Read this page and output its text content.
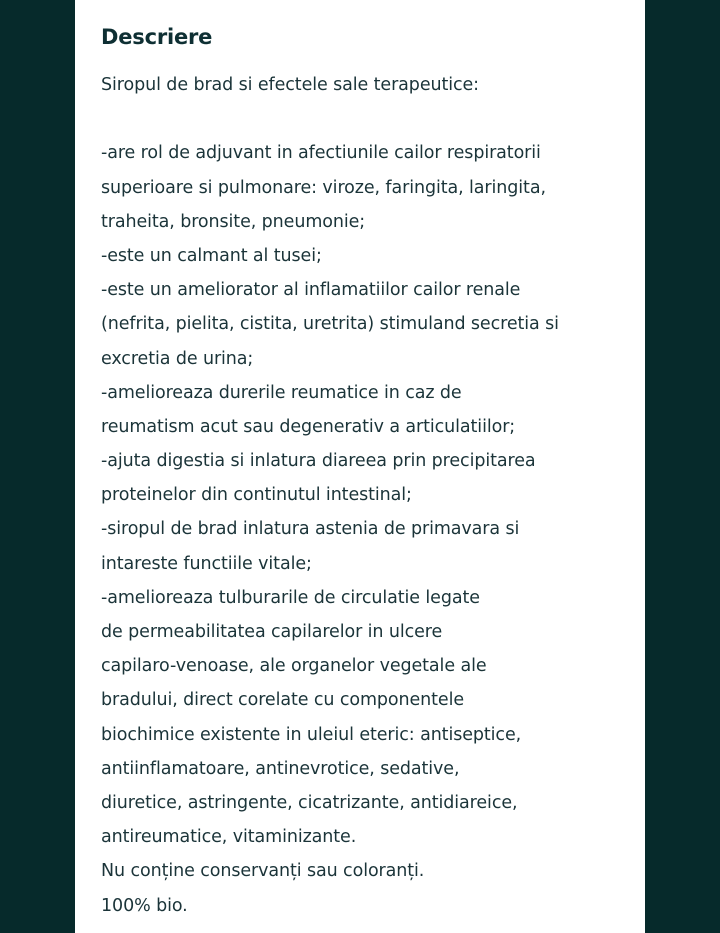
Descriere
Siropul de brad si efectele sale terapeutice:
-are rol de adjuvant in afectiunile cailor respiratorii
superioare si pulmonare: viroze, faringita, laringita,
traheita, bronsite, pneumonie;
-este un calmant al tusei;
-este un ameliorator al inflamatiilor cailor renale
(nefrita, pielita, cistita, uretrita) stimuland secretia si
excretia de urina;
-amelioreaza durerile reumatice in caz de
reumatism acut sau degenerativ a articulatiilor;
-ajuta digestia si inlatura diareea prin precipitarea
proteinelor din continutul intestinal;
-siropul de brad inlatura astenia de primavara si
intareste functiile vitale;
-amelioreaza tulburarile de circulatie legate
de permeabilitatea capilarelor in ulcere
capilaro-venoase, ale organelor vegetale ale
bradului, direct corelate cu componentele
biochimice existente in uleiul eteric: antiseptice,
antiinflamatoare, antinevrotice, sedative,
diuretice, astringente, cicatrizante, antidiareice,
antireumatice, vitaminizante.
Nu conține conservanți sau coloranți.
100% bio.
